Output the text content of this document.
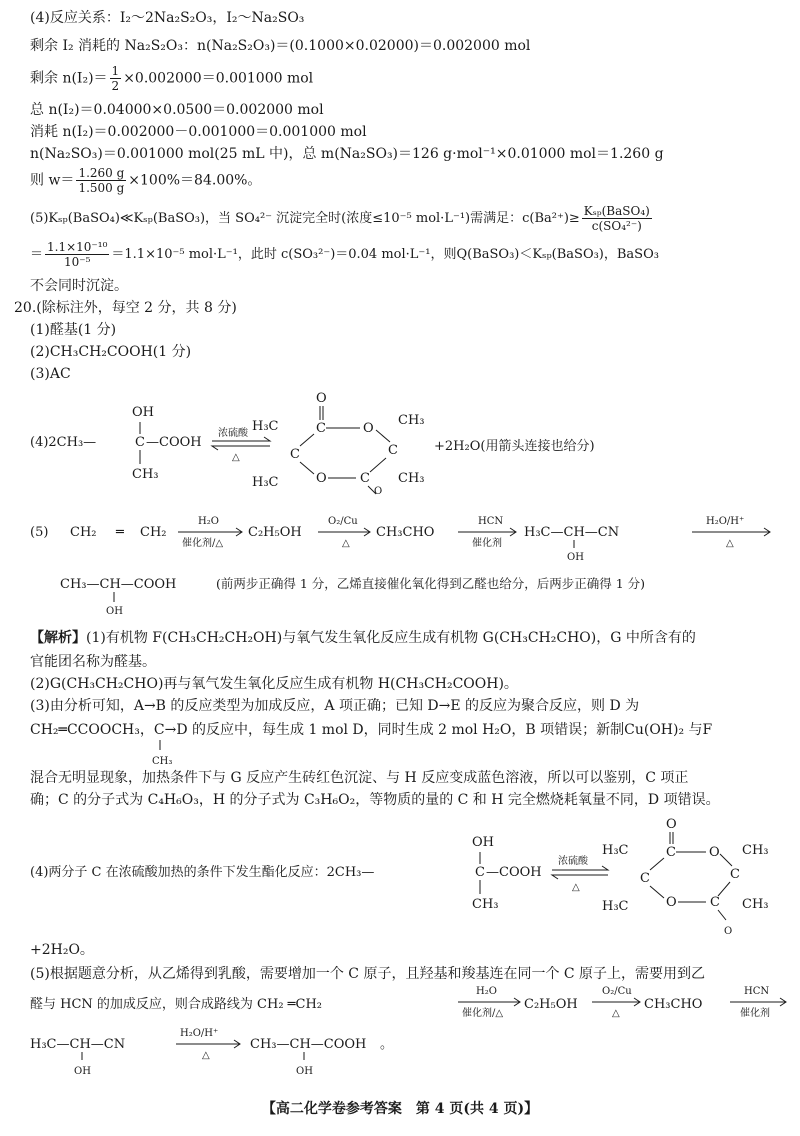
(4)反应关系：I₂～2Na₂S₂O₃，I₂～Na₂SO₃
剩余 I₂ 消耗的 Na₂S₂O₃：n(Na₂S₂O₃)＝(0.1000×0.02000)＝0.002000 mol
剩余 $n(I_2)= \frac{1}{2} \times 0.002000=0.001000$ mol
总 n(I₂)＝0.04000×0.0500＝0.002000 mol
消耗 n(I₂)＝0.002000－0.001000＝0.001000 mol
n(Na₂SO₃)＝0.001000 mol(25 mL 中)，总 m(Na₂SO₃)＝126 g·mol⁻¹×0.01000 mol＝1.260 g
则 $w= \frac{1.260 g}{1.500 g} \times 100\%=84.00\%$。
(5)Kₛₚ(BaSO₄)≪Kₛₚ(BaSO₃)，当 SO₄²⁻ 沉淀完全时(浓度≤10⁻⁵ mol·L⁻¹)需满足：$c(Ba^{2+})\ge \frac{\text{Kₛₚ(BaSO₄)}}{\text{c(SO₄²⁻)}}$
＝ $\frac{\text{1.1×10⁻¹⁰}}{\text{10⁻⁵}} =1.1\times 10^{-5}$ mol·L⁻¹，此时 c(SO₃²⁻)＝0.04 mol·L⁻¹，则Q(BaSO₃)＜Kₛₚ(BaSO₃)，BaSO₃
不会同时沉淀。
20.(除标注外，每空 2 分，共 8 分)
(1)醛基(1 分)
(2)CH₃CH₂COOH(1 分)
(3)AC
(4)2CH₃—
OH
C —COOH
CH₃
浓硫酸
△
O
C	O
C
CH₃
CH₃
C
H₃C
H₃C	O	C
O
+2H₂O(用箭头连接也给分)
(5) CH₂ ═ CH₂
H₂O
催化剂/△
C₂H₅OH
O₂/Cu
△
CH₃CHO
HCN
催化剂
H₃C—CH—CN
OH
H₂O/H⁺
△
CH₃—CH—COOH
OH
(前两步正确得 1 分，乙烯直接催化氧化得到乙醛也给分，后两步正确得 1 分)
【解析】(1)有机物 F(CH₃CH₂CH₂OH)与氧气发生氧化反应生成有机物 G(CH₃CH₂CHO)，G 中所含有的
官能团名称为醛基。
(2)G(CH₃CH₂CHO)再与氧气发生氧化反应生成有机物 H(CH₃CH₂COOH)。
(3)由分析可知，A→B 的反应类型为加成反应，A 项正确；已知 D→E 的反应为聚合反应，则 D 为
CH₂═CCOOCH₃，C→D 的反应中，每生成 1 mol D，同时生成 2 mol H₂O，B 项错误；新制Cu(OH)₂ 与F
CH₃
混合无明显现象，加热条件下与 G 反应产生砖红色沉淀、与 H 反应变成蓝色溶液，所以可以鉴别，C 项正
确；C 的分子式为 C₄H₆O₃，H 的分子式为 C₃H₆O₂，等物质的量的 C 和 H 完全燃烧耗氧量不同，D 项错误。
(4)两分子 C 在浓硫酸加热的条件下发生酯化反应：2CH₃—
OH
C —COOH
CH₃
浓硫酸
△
O
C	O
C
CH₃
CH₃
C
H₃C
H₃C	O	C
O
+2H₂O。
(5)根据题意分析，从乙烯得到乳酸，需要增加一个 C 原子，且羟基和羧基连在同一个 C 原子上，需要用到乙
醛与 HCN 的加成反应，则合成路线为 CH₂ ═CH₂
H₂O
催化剂/△
C₂H₅OH
O₂/Cu
△
CH₃CHO
HCN
催化剂
H₃C—CH—CN
OH
H₂O/H⁺
△
CH₃—CH—COOH
OH
。
【高二化学卷参考答案　第 4 页(共 4 页)】
